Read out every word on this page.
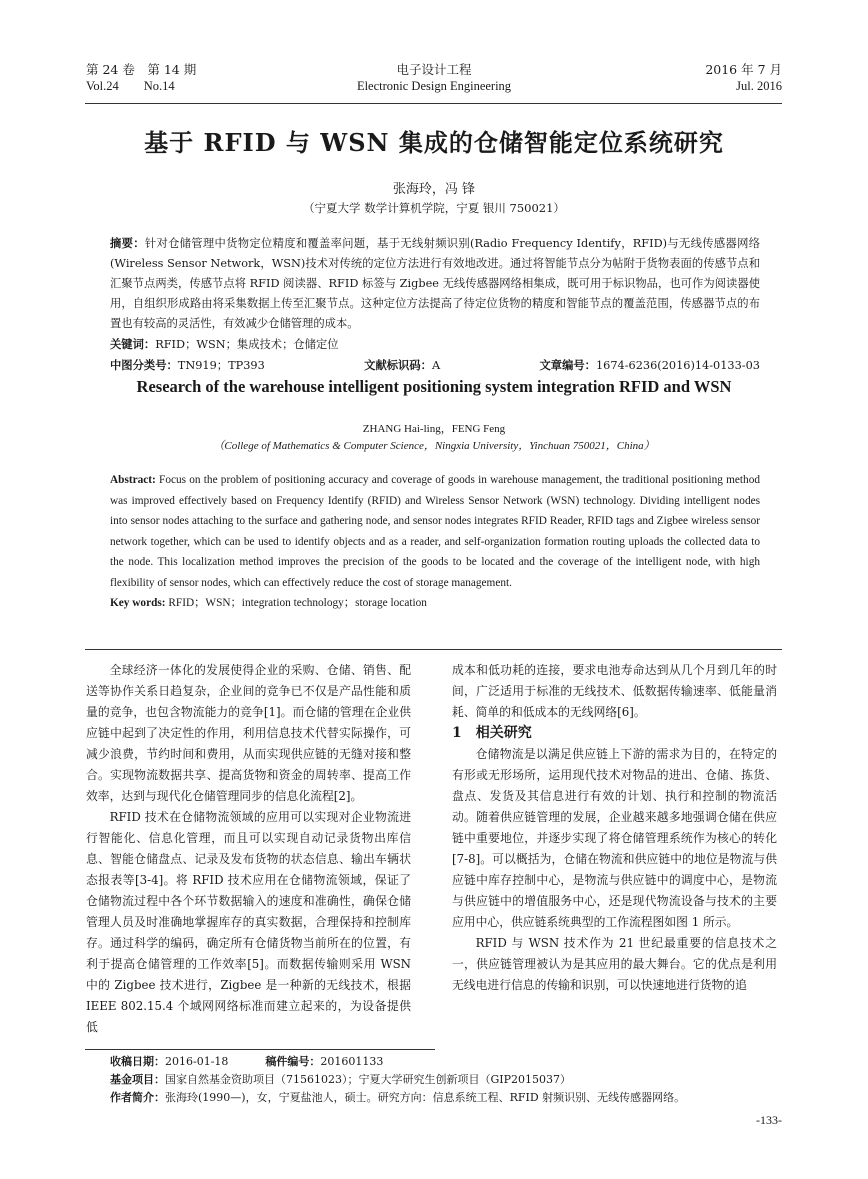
第 24 卷　第 14 期
Vol.24　　No.14
电子设计工程
Electronic Design Engineering
2016 年 7 月
Jul. 2016
基于 RFID 与 WSN 集成的仓储智能定位系统研究
张海玲，冯 锋
（宁夏大学 数学计算机学院，宁夏 银川 750021）
摘要：针对仓储管理中货物定位精度和覆盖率问题，基于无线射频识别(Radio Frequency Identify，RFID)与无线传感器网络(Wireless Sensor Network，WSN)技术对传统的定位方法进行有效地改进。通过将智能节点分为帖附于货物表面的传感节点和汇聚节点两类，传感节点将 RFID 阅读器、RFID 标签与 Zigbee 无线传感器网络相集成，既可用于标识物品，也可作为阅读器使用，自组织形成路由将采集数据上传至汇聚节点。这种定位方法提高了待定位货物的精度和智能节点的覆盖范围，传感器节点的布置也有较高的灵活性，有效减少仓储管理的成本。
关键词：RFID；WSN；集成技术；仓储定位
中图分类号：TN919；TP393	文献标识码：A	文章编号：1674-6236(2016)14-0133-03
Research of the warehouse intelligent positioning system integration RFID and WSN
ZHANG Hai-ling，FENG Feng
（College of Mathematics & Computer Science，Ningxia University，Yinchuan 750021，China）
Abstract: Focus on the problem of positioning accuracy and coverage of goods in warehouse management, the traditional positioning method was improved effectively based on Frequency Identify (RFID) and Wireless Sensor Network (WSN) technology. Dividing intelligent nodes into sensor nodes attaching to the surface and gathering node, and sensor nodes integrates RFID Reader, RFID tags and Zigbee wireless sensor network together, which can be used to identify objects and as a reader, and self-organization formation routing uploads the collected data to the node. This localization method improves the precision of the goods to be located and the coverage of the intelligent node, with high flexibility of sensor nodes, which can effectively reduce the cost of storage management.
Key words: RFID；WSN；integration technology；storage location

全球经济一体化的发展使得企业的采购、仓储、销售、配送等协作关系日趋复杂，企业间的竞争已不仅是产品性能和质量的竞争，也包含物流能力的竞争[1]。而仓储的管理在企业供应链中起到了决定性的作用，利用信息技术代替实际操作，可减少浪费，节约时间和费用，从而实现供应链的无缝对接和整合。实现物流数据共享、提高货物和资金的周转率、提高工作效率，达到与现代化仓储管理同步的信息化流程[2]。

RFID 技术在仓储物流领域的应用可以实现对企业物流进行智能化、信息化管理，而且可以实现自动记录货物出库信息、智能仓储盘点、记录及发布货物的状态信息、输出车辆状态报表等[3-4]。将 RFID 技术应用在仓储物流领域，保证了仓储物流过程中各个环节数据输入的速度和准确性，确保仓储管理人员及时准确地掌握库存的真实数据，合理保持和控制库存。通过科学的编码，确定所有仓储货物当前所在的位置，有利于提高仓储管理的工作效率[5]。而数据传输则采用 WSN 中的 Zigbee 技术进行，Zigbee 是一种新的无线技术，根据 IEEE 802.15.4 个域网网络标准而建立起来的，为设备提供低

成本和低功耗的连接，要求电池寿命达到从几个月到几年的时间，广泛适用于标准的无线技术、低数据传输速率、低能量消耗、简单的和低成本的无线网络[6]。

1　相关研究

仓储物流是以满足供应链上下游的需求为目的，在特定的有形或无形场所，运用现代技术对物品的进出、仓储、拣货、盘点、发货及其信息进行有效的计划、执行和控制的物流活动。随着供应链管理的发展，企业越来越多地强调仓储在供应链中重要地位，并逐步实现了将仓储管理系统作为核心的转化[7-8]。可以概括为，仓储在物流和供应链中的地位是物流与供应链中库存控制中心，是物流与供应链中的调度中心，是物流与供应链中的增值服务中心，还是现代物流设备与技术的主要应用中心，供应链系统典型的工作流程图如图 1 所示。

RFID 与 WSN 技术作为 21 世纪最重要的信息技术之一，供应链管理被认为是其应用的最大舞台。它的优点是利用无线电进行信息的传输和识别，可以快速地进行货物的追

收稿日期：2016-01-18	稿件编号：201601133
基金项目：国家自然基金资助项目（71561023）；宁夏大学研究生创新项目（GIP2015037）
作者简介：张海玲(1990—)，女，宁夏盐池人，硕士。研究方向：信息系统工程、RFID 射频识别、无线传感器网络。
-133-
